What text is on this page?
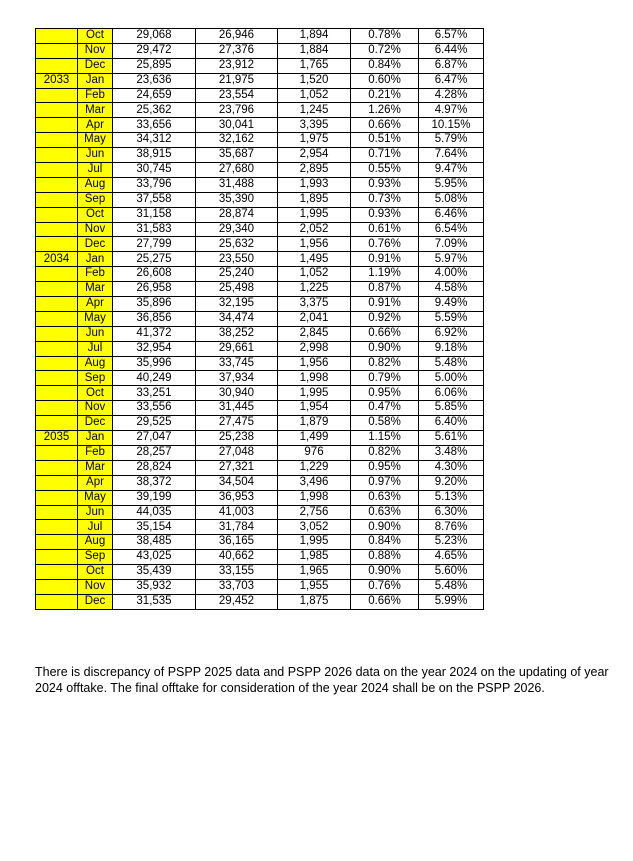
	Oct	29,068	26,946	1,894	0.78%	6.57%
	Nov	29,472	27,376	1,884	0.72%	6.44%
	Dec	25,895	23,912	1,765	0.84%	6.87%
2033	Jan	23,636	21,975	1,520	0.60%	6.47%
	Feb	24,659	23,554	1,052	0.21%	4.28%
	Mar	25,362	23,796	1,245	1.26%	4.97%
	Apr	33,656	30,041	3,395	0.66%	10.15%
	May	34,312	32,162	1,975	0.51%	5.79%
	Jun	38,915	35,687	2,954	0.71%	7.64%
	Jul	30,745	27,680	2,895	0.55%	9.47%
	Aug	33,796	31,488	1,993	0.93%	5.95%
	Sep	37,558	35,390	1,895	0.73%	5.08%
	Oct	31,158	28,874	1,995	0.93%	6.46%
	Nov	31,583	29,340	2,052	0.61%	6.54%
	Dec	27,799	25,632	1,956	0.76%	7.09%
2034	Jan	25,275	23,550	1,495	0.91%	5.97%
	Feb	26,608	25,240	1,052	1.19%	4.00%
	Mar	26,958	25,498	1,225	0.87%	4.58%
	Apr	35,896	32,195	3,375	0.91%	9.49%
	May	36,856	34,474	2,041	0.92%	5.59%
	Jun	41,372	38,252	2,845	0.66%	6.92%
	Jul	32,954	29,661	2,998	0.90%	9.18%
	Aug	35,996	33,745	1,956	0.82%	5.48%
	Sep	40,249	37,934	1,998	0.79%	5.00%
	Oct	33,251	30,940	1,995	0.95%	6.06%
	Nov	33,556	31,445	1,954	0.47%	5.85%
	Dec	29,525	27,475	1,879	0.58%	6.40%
2035	Jan	27,047	25,238	1,499	1.15%	5.61%
	Feb	28,257	27,048	976	0.82%	3.48%
	Mar	28,824	27,321	1,229	0.95%	4.30%
	Apr	38,372	34,504	3,496	0.97%	9.20%
	May	39,199	36,953	1,998	0.63%	5.13%
	Jun	44,035	41,003	2,756	0.63%	6.30%
	Jul	35,154	31,784	3,052	0.90%	8.76%
	Aug	38,485	36,165	1,995	0.84%	5.23%
	Sep	43,025	40,662	1,985	0.88%	4.65%
	Oct	35,439	33,155	1,965	0.90%	5.60%
	Nov	35,932	33,703	1,955	0.76%	5.48%
	Dec	31,535	29,452	1,875	0.66%	5.99%

There is discrepancy of PSPP 2025 data and PSPP 2026 data on the year 2024 on the updating of year 2024 offtake. The final offtake for consideration of the year 2024 shall be on the PSPP 2026.
